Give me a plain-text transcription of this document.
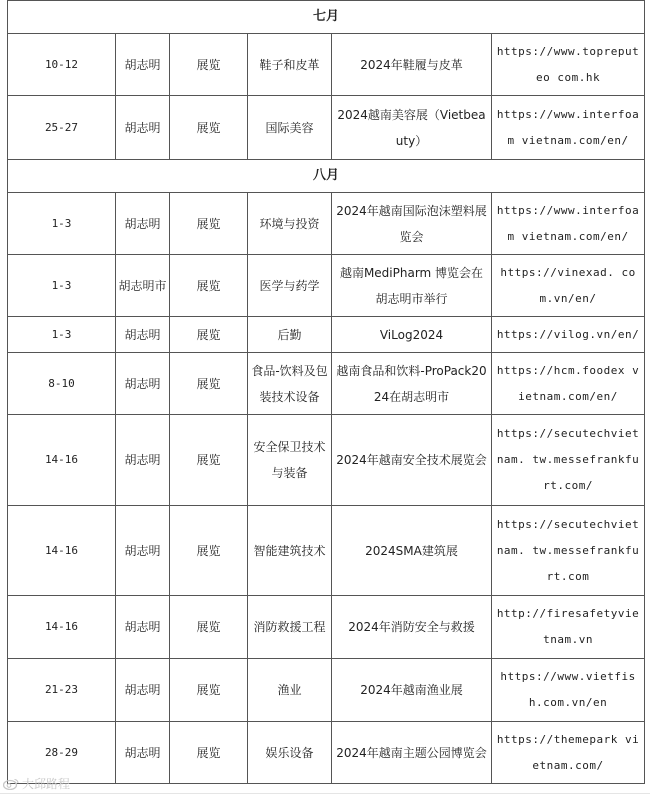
七月					
10-12	胡志明	展览	鞋子和皮革	2024年鞋履与皮革	https://www.topreputeo com.hk
25-27	胡志明	展览	国际美容	2024越南美容展（Vietbeauty）	https://www.interfoam vietnam.com/en/
八月					
1-3	胡志明	展览	环境与投资	2024年越南国际泡沫塑料展览会	https://www.interfoam vietnam.com/en/
1-3	胡志明市	展览	医学与药学	越南MediPharm 博览会在胡志明市举行	https://vinexad. com.vn/en/
1-3	胡志明	展览	后勤	ViLog2024	https://vilog.vn/en/
8-10	胡志明	展览	食品-饮料及包装技术设备	越南食品和饮料-ProPack2024在胡志明市	https://hcm.foodex vietnam.com/en/
14-16	胡志明	展览	安全保卫技术与装备	2024年越南安全技术展览会	https://secutechvietnam. tw.messefrankfurt.com/
14-16	胡志明	展览	智能建筑技术	2024SMA建筑展	https://secutechvietnam. tw.messefrankfurt.com
14-16	胡志明	展览	消防救援工程	2024年消防安全与救援	http://firesafetyvietnam.vn
21-23	胡志明	展览	渔业	2024年越南渔业展	https://www.vietfish.com.vn/en
28-29	胡志明	展览	娱乐设备	2024年越南主题公园博览会	https://themepark vietnam.com/
大邱路程
